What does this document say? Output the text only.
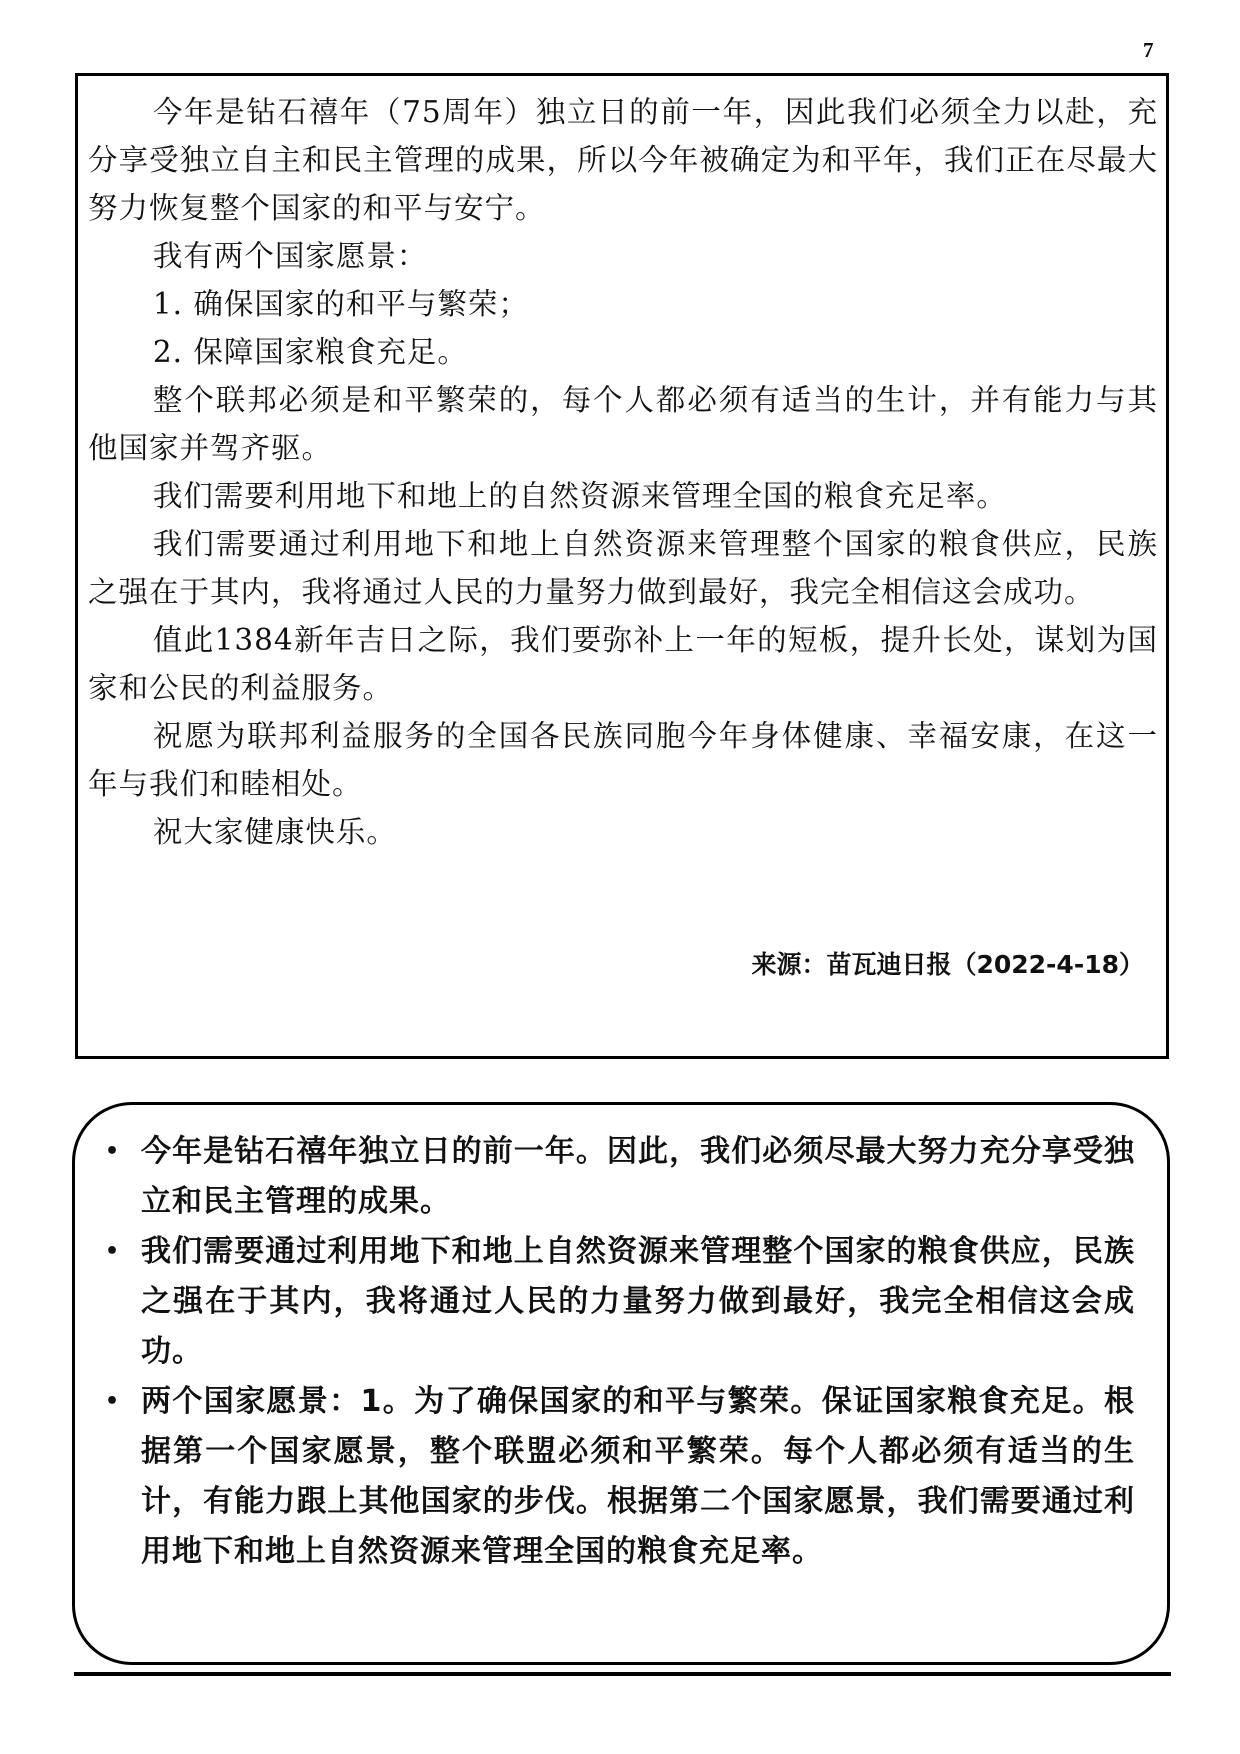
7

今年是钻石禧年（75周年）独立日的前一年，因此我们必须全力以赴，充分享受独立自主和民主管理的成果，所以今年被确定为和平年，我们正在尽最大努力恢复整个国家的和平与安宁。

我有两个国家愿景：

1. 确保国家的和平与繁荣；

2. 保障国家粮食充足。

整个联邦必须是和平繁荣的，每个人都必须有适当的生计，并有能力与其他国家并驾齐驱。

我们需要利用地下和地上的自然资源来管理全国的粮食充足率。

我们需要通过利用地下和地上自然资源来管理整个国家的粮食供应，民族之强在于其内，我将通过人民的力量努力做到最好，我完全相信这会成功。

值此1384新年吉日之际，我们要弥补上一年的短板，提升长处，谋划为国家和公民的利益服务。

祝愿为联邦利益服务的全国各民族同胞今年身体健康、幸福安康，在这一年与我们和睦相处。

祝大家健康快乐。

来源：苗瓦迪日报（2022-4-18）
• 今年是钻石禧年独立日的前一年。因此，我们必须尽最大努力充分享受独立和民主管理的成果。
• 我们需要通过利用地下和地上自然资源来管理整个国家的粮食供应，民族之强在于其内，我将通过人民的力量努力做到最好，我完全相信这会成功。
• 两个国家愿景：1。为了确保国家的和平与繁荣。保证国家粮食充足。根据第一个国家愿景，整个联盟必须和平繁荣。每个人都必须有适当的生计，有能力跟上其他国家的步伐。根据第二个国家愿景，我们需要通过利用地下和地上自然资源来管理全国的粮食充足率。
